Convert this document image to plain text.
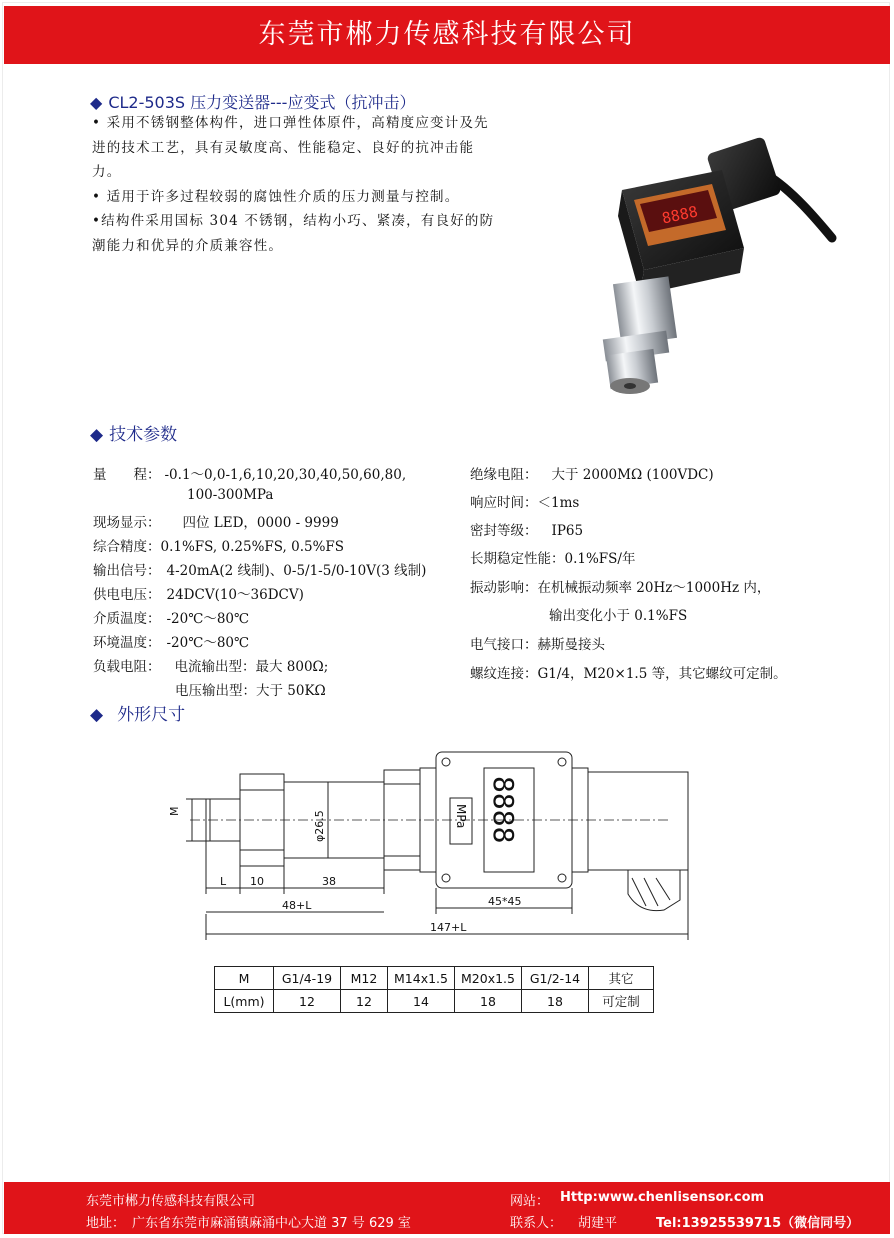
东莞市郴力传感科技有限公司
◆ CL2-503S 压力变送器---应变式（抗冲击）

• 采用不锈钢整体构件，进口弹性体原件，高精度应变计及先进的技术工艺，具有灵敏度高、性能稳定、良好的抗冲击能力。

• 适用于许多过程较弱的腐蚀性介质的压力测量与控制。

•结构件采用国标 304 不锈钢，结构小巧、紧凑，有良好的防潮能力和优异的介质兼容性。

8888
◆ 技术参数
量　　程： -0.1～0,0-1,6,10,20,30,40,50,60,80,
100-300MPa
现场显示： 四位 LED，0000 - 9999
综合精度：0.1%FS, 0.25%FS, 0.5%FS
输出信号： 4-20mA(2 线制)、0-5/1-5/0-10V(3 线制)
供电电压： 24DCV(10～36DCV)
介质温度： -20℃～80℃
环境温度： -20℃～80℃
负载电阻： 电流输出型：最大 800Ω;
电压输出型：大于 50KΩ
绝缘电阻： 大于 2000MΩ (100VDC)
响应时间：＜1ms
密封等级： IP65
长期稳定性能：0.1%FS/年
振动影响：在机械振动频率 20Hz～1000Hz 内，
输出变化小于 0.1%FS
电气接口：赫斯曼接头
螺纹连接：G1/4，M20×1.5 等，其它螺纹可定制。
◆ 外形尺寸
MPa 8888
M	φ26.5
L 10	38
48+L	45*45
147+L
M	G1/4-19	M12	M14x1.5	M20x1.5	G1/2-14	其它
L(mm)	12	12	14	18	18	可定制
东莞市郴力传感科技有限公司	网站： Http:www.chenlisensor.com
地址： 广东省东莞市麻涌镇麻涌中心大道 37 号 629 室	联系人： 胡建平	Tel:13925539715（微信同号）
